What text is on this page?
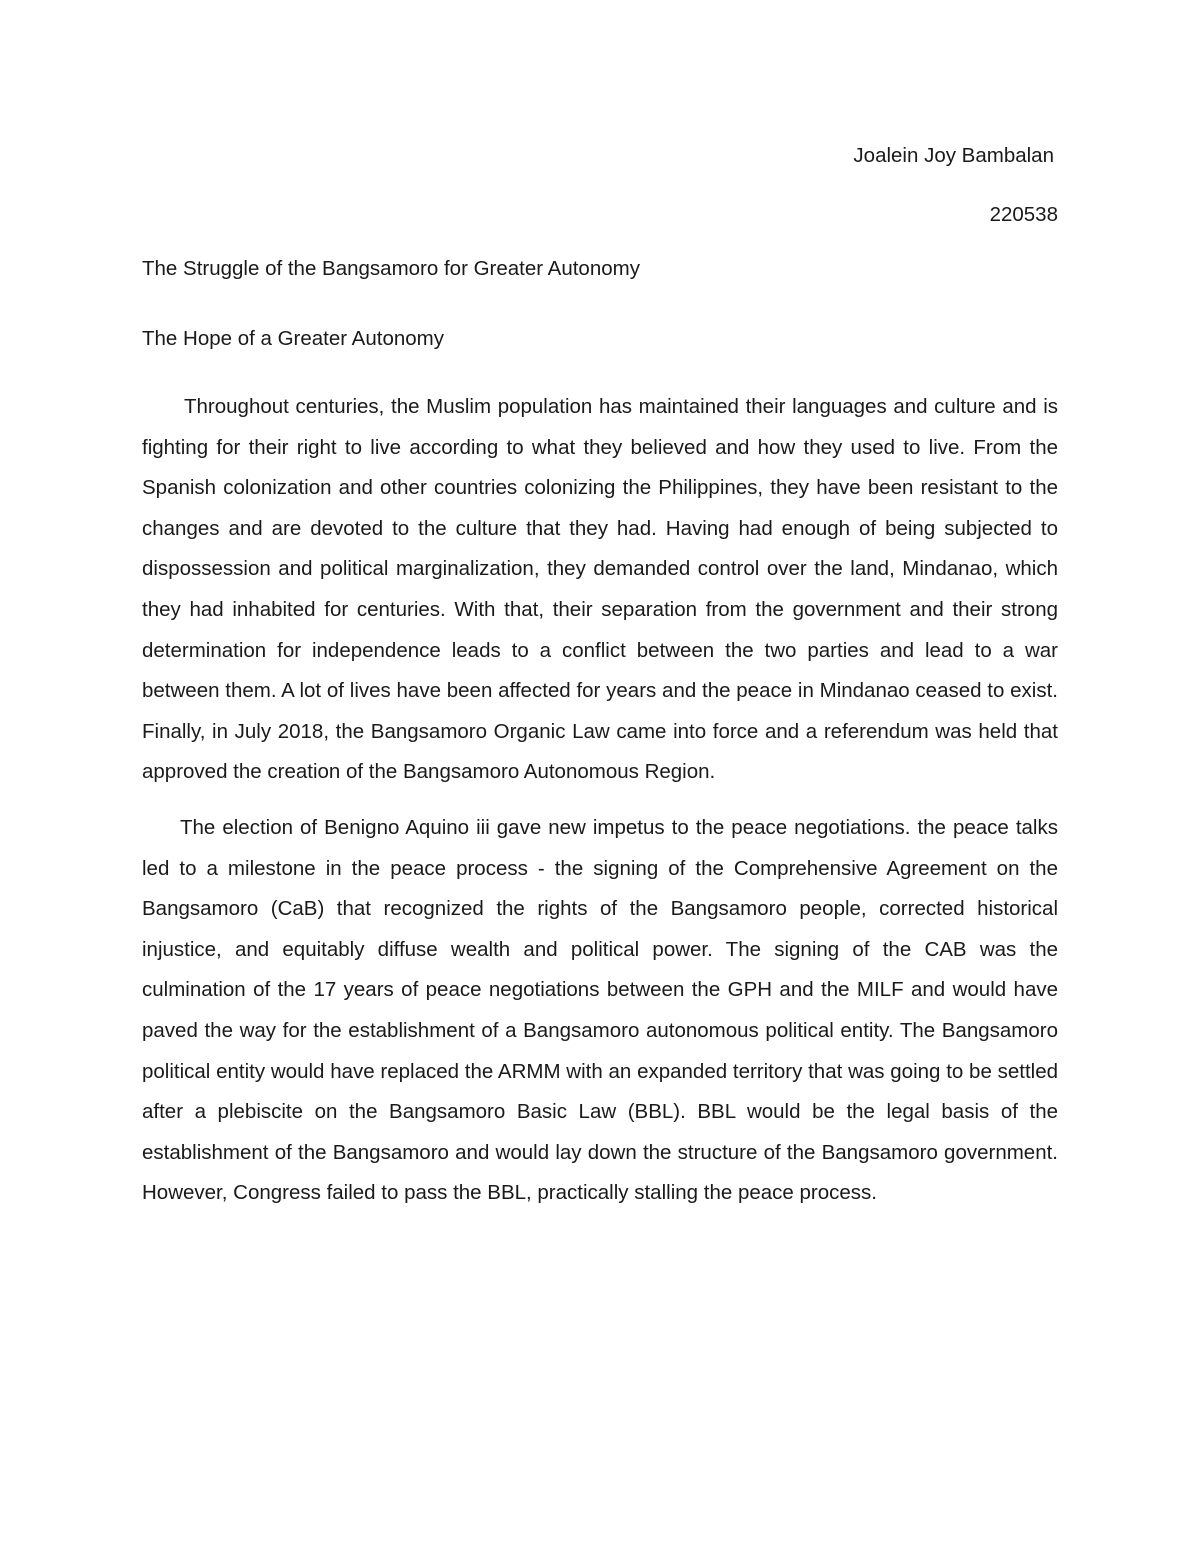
Joalein Joy Bambalan

220538

The Struggle of the Bangsamoro for Greater Autonomy

The Hope of a Greater Autonomy

Throughout centuries, the Muslim population has maintained their languages and culture and is fighting for their right to live according to what they believed and how they used to live. From the Spanish colonization and other countries colonizing the Philippines, they have been resistant to the changes and are devoted to the culture that they had. Having had enough of being subjected to dispossession and political marginalization, they demanded control over the land, Mindanao, which they had inhabited for centuries. With that, their separation from the government and their strong determination for independence leads to a conflict between the two parties and lead to a war between them. A lot of lives have been affected for years and the peace in Mindanao ceased to exist. Finally, in July 2018, the Bangsamoro Organic Law came into force and a referendum was held that approved the creation of the Bangsamoro Autonomous Region.

The election of Benigno Aquino iii gave new impetus to the peace negotiations. the peace talks led to a milestone in the peace process - the signing of the Comprehensive Agreement on the Bangsamoro (CaB) that recognized the rights of the Bangsamoro people, corrected historical injustice, and equitably diffuse wealth and political power. The signing of the CAB was the culmination of the 17 years of peace negotiations between the GPH and the MILF and would have paved the way for the establishment of a Bangsamoro autonomous political entity. The Bangsamoro political entity would have replaced the ARMM with an expanded territory that was going to be settled after a plebiscite on the Bangsamoro Basic Law (BBL). BBL would be the legal basis of the establishment of the Bangsamoro and would lay down the structure of the Bangsamoro government. However, Congress failed to pass the BBL, practically stalling the peace process.
